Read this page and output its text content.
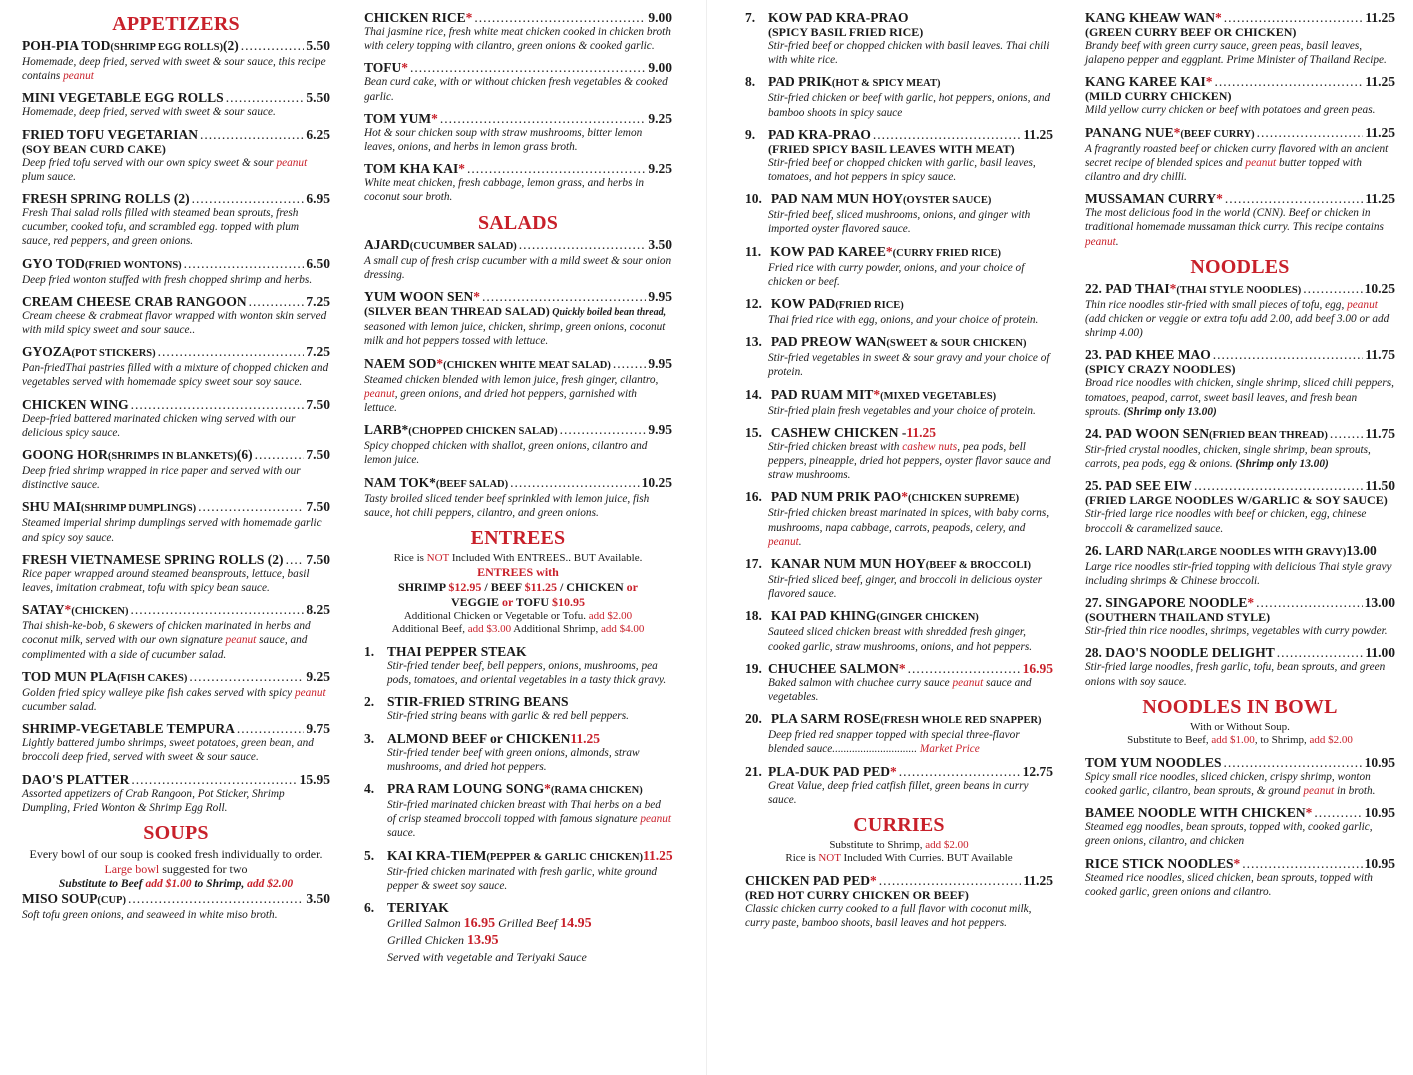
APPETIZERS
POH-PIA TOD (SHRIMP EGG ROLLS) (2) .....	5.50
Homemade, deep fried, served with sweet & sour sauce, this recipe contains peanut
MINI VEGETABLE EGG ROLLS .....	5.50
Homemade, deep fried, served with sweet & sour sauce.
FRIED TOFU VEGETARIAN .....	6.25
(SOY BEAN CURD CAKE)
Deep fried tofu served with our own spicy sweet & sour peanut plum sauce.
FRESH SPRING ROLLS (2) .....	6.95
Fresh Thai salad rolls filled with steamed bean sprouts, fresh cucumber, cooked tofu, and scrambled egg. topped with plum sauce, red peppers, and green onions.
GYO TOD (FRIED WONTONS) .....	6.50
Deep fried wonton stuffed with fresh chopped shrimp and herbs.
CREAM CHEESE CRAB RANGOON .....	7.25
Cream cheese & crabmeat flavor wrapped with wonton skin served with mild spicy sweet and sour sauce..
GYOZA (POT STICKERS) .....	7.25
Pan-friedThai pastries filled with a mixture of chopped chicken and vegetables served with homemade spicy sweet sour soy sauce.
CHICKEN WING .....	7.50
Deep-fried battered marinated chicken wing served with our delicious spicy sauce.
GOONG HOR (SHRIMPS IN BLANKETS) (6) .....	7.50
Deep fried shrimp wrapped in rice paper and served with our distinctive sauce.
SHU MAI (SHRIMP DUMPLINGS) .....	7.50
Steamed imperial shrimp dumplings served with homemade garlic and spicy soy sauce.
FRESH VIETNAMESE SPRING ROLLS (2) ..... 7.50
Rice paper wrapped around steamed beansprouts, lettuce, basil leaves, imitation crabmeat, tofu with spicy bean sauce.
SATAY * (CHICKEN) .....	8.25
Thai shish-ke-bob, 6 skewers of chicken marinated in herbs and coconut milk, served with our own signature peanut sauce, and complimented with a side of cucumber salad.
TOD MUN PLA (FISH CAKES) .....	9.25
Golden fried spicy walleye pike fish cakes served with spicy peanut cucumber salad.
SHRIMP-VEGETABLE TEMPURA .....	9.75
Lightly battered jumbo shrimps, sweet potatoes, green bean, and broccoli deep fried, served with sweet & sour sauce.
DAO'S PLATTER .....	15.95
Assorted appetizers of Crab Rangoon, Pot Sticker, Shrimp Dumpling, Fried Wonton & Shrimp Egg Roll.
SOUPS
Every bowl of our soup is cooked fresh individually to order. Large bowl suggested for two
Substitute to Beef add $1.00 to Shrimp, add $2.00
MISO SOUP (CUP) .....	3.50
Soft tofu green onions, and seaweed in white miso broth.
CHICKEN RICE * .....	9.00
Thai jasmine rice, fresh white meat chicken cooked in chicken broth with celery topping with cilantro, green onions & cooked garlic.
TOFU * .....	9.00
Bean curd cake, with or without chicken fresh vegetables & cooked garlic.
TOM YUM * .....	9.25
Hot & sour chicken soup with straw mushrooms, bitter lemon leaves, onions, and herbs in lemon grass broth.
TOM KHA KAI * .....	9.25
White meat chicken, fresh cabbage, lemon grass, and herbs in coconut sour broth.
SALADS
AJARD (CUCUMBER SALAD) .....	3.50
A small cup of fresh crisp cucumber with a mild sweet & sour onion dressing.
YUM WOON SEN * .....	9.95
(SILVER BEAN THREAD SALAD) Quickly boiled bean thread,
seasoned with lemon juice, chicken, shrimp, green onions, coconut milk and hot peppers tossed with lettuce.
NAEM SOD * (CHICKEN WHITE MEAT SALAD) .....	9.95
Steamed chicken blended with lemon juice, fresh ginger, cilantro, peanut, green onions, and dried hot peppers, garnished with lettuce.
LARB* (CHOPPED CHICKEN SALAD) .....	9.95
Spicy chopped chicken with shallot, green onions, cilantro and lemon juice.
NAM TOK* (BEEF SALAD) .....	10.25
Tasty broiled sliced tender beef sprinkled with lemon juice, fish sauce, hot chili peppers, cilantro, and green onions.
ENTREES
Rice is NOT Included With ENTREES.. BUT Available.
ENTREES with
SHRIMP $12.95 / BEEF $11.25 / CHICKEN or
VEGGIE or TOFU $10.95
Additional Chicken or Vegetable or Tofu. add $2.00
Additional Beef, add $3.00 Additional Shrimp, add $4.00
1. THAI PEPPER STEAK
Stir-fried tender beef, bell peppers, onions, mushrooms, pea pods, tomatoes, and oriental vegetables in a tasty thick gravy.
2. STIR-FRIED STRING BEANS
Stir-fried string beans with garlic & red bell peppers.
3. ALMOND BEEF or CHICKEN 11.25
Stir-fried tender beef with green onions, almonds, straw mushrooms, and dried hot peppers.
4. PRA RAM LOUNG SONG * (RAMA CHICKEN)
Stir-fried marinated chicken breast with Thai herbs on a bed of crisp steamed broccoli topped with famous signature peanut sauce.
5. KAI KRA-TIEM (PEPPER & GARLIC CHICKEN) 11.25
Stir-fried chicken marinated with fresh garlic, white ground pepper & sweet soy sauce.
6. TERIYAK
Grilled Salmon 16.95 Grilled Beef 14.95
Grilled Chicken 13.95
Served with vegetable and Teriyaki Sauce
7. KOW PAD KRA-PRAO
(SPICY BASIL FRIED RICE)
Stir-fried beef or chopped chicken with basil leaves. Thai chili with white rice.
8. PAD PRIK (HOT & SPICY MEAT)
Stir-fried chicken or beef with garlic, hot peppers, onions, and bamboo shoots in spicy sauce
9. PAD KRA-PRAO .....	11.25
(FRIED SPICY BASIL LEAVES WITH MEAT)
Stir-fried beef or chopped chicken with garlic, basil leaves, tomatoes, and hot peppers in spicy sauce.
10. PAD NAM MUN HOY (OYSTER SAUCE)
Stir-fried beef, sliced mushrooms, onions, and ginger with imported oyster flavored sauce.
11. KOW PAD KAREE * (CURRY FRIED RICE)
Fried rice with curry powder, onions, and your choice of chicken or beef.
12. KOW PAD (FRIED RICE)
Thai fried rice with egg, onions, and your choice of protein.
13. PAD PREOW WAN (SWEET & SOUR CHICKEN)
Stir-fried vegetables in sweet & sour gravy and your choice of protein.
14. PAD RUAM MIT * (MIXED VEGETABLES)
Stir-fried plain fresh vegetables and your choice of protein.
15. CASHEW CHICKEN - 11.25
Stir-fried chicken breast with cashew nuts, pea pods, bell peppers, pineapple, dried hot peppers, oyster flavor sauce and straw mushrooms.
16. PAD NUM PRIK PAO * (CHICKEN SUPREME)
Stir-fried chicken breast marinated in spices, with baby corns, mushrooms, napa cabbage, carrots, peapods, celery, and peanut.
17. KANAR NUM MUN HOY (BEEF & BROCCOLI)
Stir-fried sliced beef, ginger, and broccoli in delicious oyster flavored sauce.
18. KAI PAD KHING (GINGER CHICKEN)
Sauteed sliced chicken breast with shredded fresh ginger, cooked garlic, straw mushrooms, onions, and hot peppers.
19. CHUCHEE SALMON * .....	16.95
Baked salmon with chuchee curry sauce peanut sauce and vegetables.
20. PLA SARM ROSE (FRESH WHOLE RED SNAPPER)
Deep fried red snapper topped with special three-flavor blended sauce.............................. Market Price
21. PLA-DUK PAD PED * .....	12.75
Great Value, deep fried catfish fillet, green beans in curry sauce.
CURRIES
Substitute to Shrimp, add $2.00
Rice is NOT Included With Curries. BUT Available
CHICKEN PAD PED * .....	11.25
(RED HOT CURRY CHICKEN OR BEEF)
Classic chicken curry cooked to a full flavor with coconut milk, curry paste, bamboo shoots, basil leaves and hot peppers.
KANG KHEAW WAN * .....	11.25
(GREEN CURRY BEEF OR CHICKEN)
Brandy beef with green curry sauce, green peas, basil leaves, jalapeno pepper and eggplant. Prime Minister of Thailand Recipe.
KANG KAREE KAI * .....	11.25
(MILD CURRY CHICKEN)
Mild yellow curry chicken or beef with potatoes and green peas.
PANANG NUE * (BEEF CURRY) .....	11.25
A fragrantly roasted beef or chicken curry flavored with an ancient secret recipe of blended spices and peanut butter topped with cilantro and dry chilli.
MUSSAMAN CURRY * .....	11.25
The most delicious food in the world (CNN). Beef or chicken in traditional homemade mussaman thick curry. This recipe contains peanut.
NOODLES
22. PAD THAI * (THAI STYLE NOODLES) .....	10.25
Thin rice noodles stir-fried with small pieces of tofu, egg, peanut (add chicken or veggie or extra tofu add 2.00, add beef 3.00 or add shrimp 4.00)
23. PAD KHEE MAO .....	11.75
(SPICY CRAZY NOODLES)
Broad rice noodles with chicken, single shrimp, sliced chili peppers, tomatoes, peapod, carrot, sweet basil leaves, and fresh bean sprouts. (Shrimp only 13.00)
24. PAD WOON SEN (FRIED BEAN THREAD) .....	11.75
Stir-fried crystal noodles, chicken, single shrimp, bean sprouts, carrots, pea pods, egg & onions. (Shrimp only 13.00)
25. PAD SEE EIW .....	11.50
(FRIED LARGE NOODLES W/GARLIC & SOY SAUCE)
Stir-fried large rice noodles with beef or chicken, egg, chinese broccoli & caramelized sauce.
26. LARD NAR (LARGE NOODLES WITH GRAVY) 13.00
Large rice noodles stir-fried topping with delicious Thai style gravy including shrimps & Chinese broccoli.
27. SINGAPORE NOODLE * .....	13.00
(SOUTHERN THAILAND STYLE)
Stir-fried thin rice noodles, shrimps, vegetables with curry powder.
28. DAO'S NOODLE DELIGHT .....	11.00
Stir-fried large noodles, fresh garlic, tofu, bean sprouts, and green onions with soy sauce.
NOODLES IN BOWL
With or Without Soup.
Substitute to Beef, add $1.00, to Shrimp, add $2.00
TOM YUM NOODLES .....	10.95
Spicy small rice noodles, sliced chicken, crispy shrimp, wonton cooked garlic, cilantro, bean sprouts, & ground peanut in broth.
BAMEE NOODLE WITH CHICKEN * .....	10.95
Steamed egg noodles, bean sprouts, topped with, cooked garlic, green onions, cilantro, and chicken
RICE STICK NOODLES * .....	10.95
Steamed rice noodles, sliced chicken, bean sprouts, topped with cooked garlic, green onions and cilantro.
